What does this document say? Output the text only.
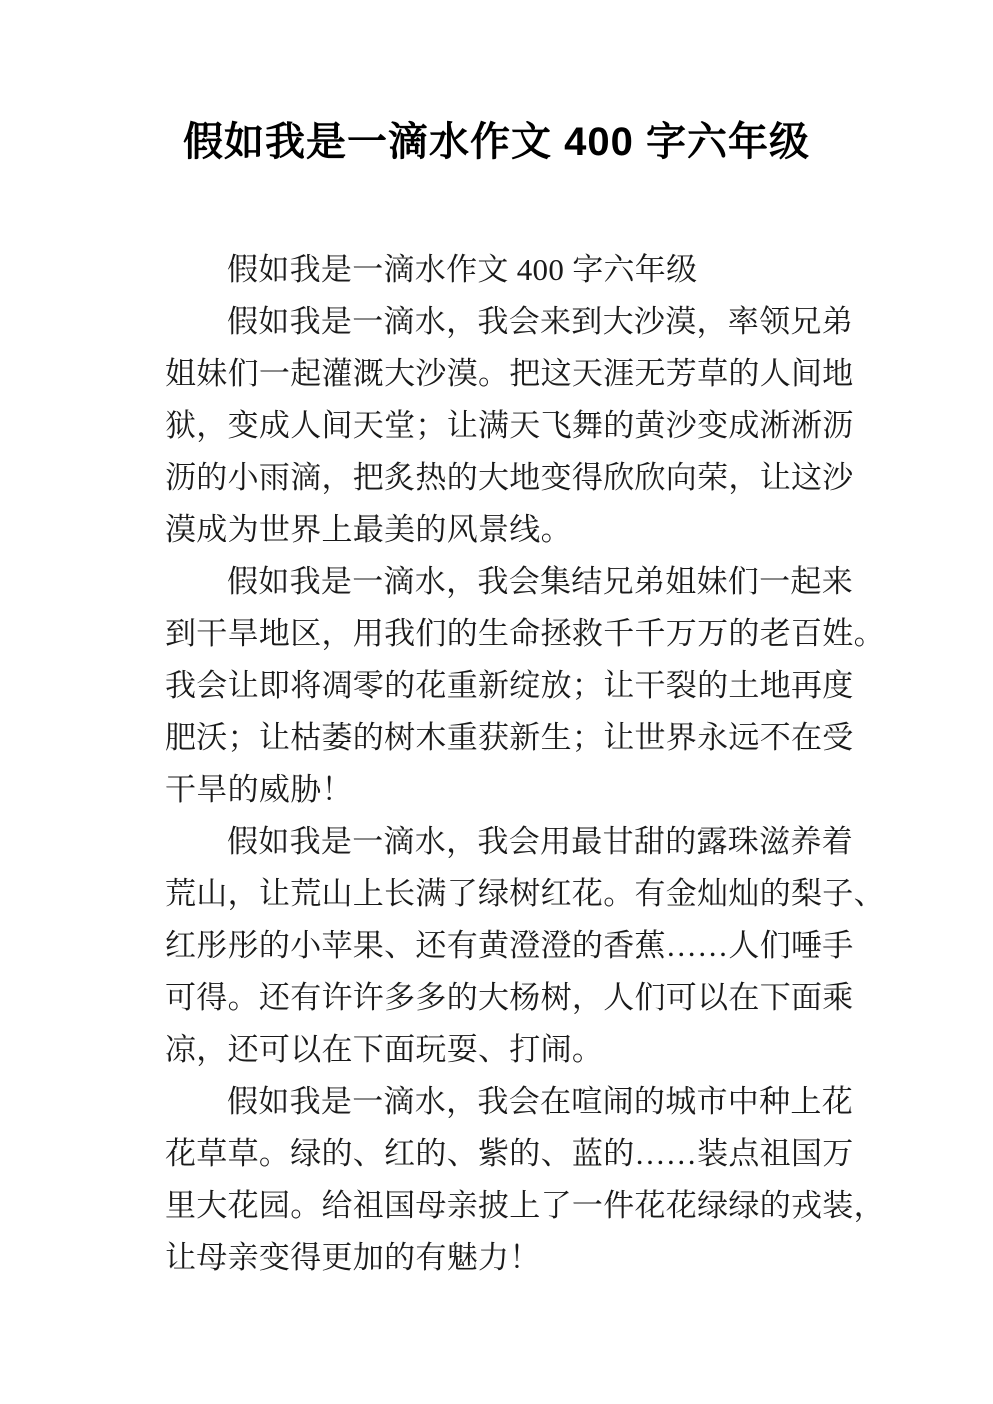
假如我是一滴水作文 400 字六年级
假如我是一滴水作文 400 字六年级
假如我是一滴水，我会来到大沙漠，率领兄弟
姐妹们一起灌溉大沙漠。把这天涯无芳草的人间地
狱，变成人间天堂；让满天飞舞的黄沙变成淅淅沥
沥的小雨滴，把炙热的大地变得欣欣向荣，让这沙
漠成为世界上最美的风景线。
假如我是一滴水，我会集结兄弟姐妹们一起来
到干旱地区，用我们的生命拯救千千万万的老百姓。
我会让即将凋零的花重新绽放；让干裂的土地再度
肥沃；让枯萎的树木重获新生；让世界永远不在受
干旱的威胁！
假如我是一滴水，我会用最甘甜的露珠滋养着
荒山，让荒山上长满了绿树红花。有金灿灿的梨子、
红彤彤的小苹果、还有黄澄澄的香蕉……人们唾手
可得。还有许许多多的大杨树，人们可以在下面乘
凉，还可以在下面玩耍、打闹。
假如我是一滴水，我会在喧闹的城市中种上花
花草草。绿的、红的、紫的、蓝的……装点祖国万
里大花园。给祖国母亲披上了一件花花绿绿的戎装，
让母亲变得更加的有魅力！
